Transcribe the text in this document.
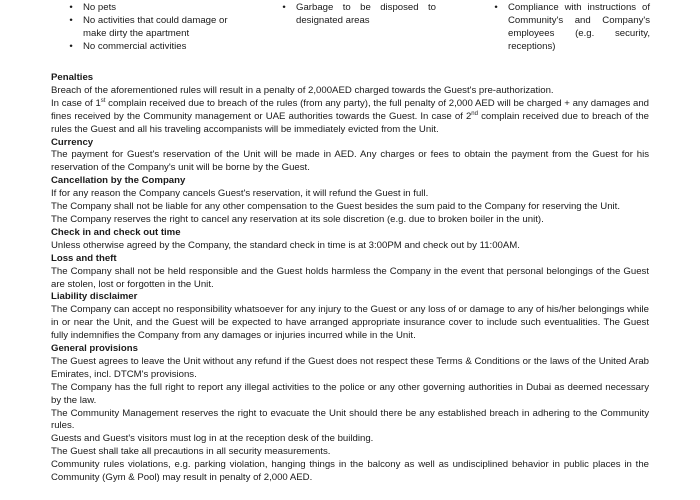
•	No pets
•	No activities that could damage or make dirty the apartment
•	No commercial activities
•	Garbage to be disposed to designated areas
•	Compliance with instructions of Community's and Company's employees (e.g. security, receptions)

Penalties

Breach of the aforementioned rules will result in a penalty of 2,000AED charged towards the Guest's pre-authorization.

In case of 1st complain received due to breach of the rules (from any party), the full penalty of 2,000 AED will be charged + any damages and fines received by the Community management or UAE authorities towards the Guest. In case of 2nd complain received due to breach of the rules the Guest and all his traveling accompanists will be immediately evicted from the Unit.

Currency

The payment for Guest's reservation of the Unit will be made in AED. Any charges or fees to obtain the payment from the Guest for his reservation of the Company's unit will be borne by the Guest.

Cancellation by the Company

If for any reason the Company cancels Guest's reservation, it will refund the Guest in full.

The Company shall not be liable for any other compensation to the Guest besides the sum paid to the Company for reserving the Unit.

The Company reserves the right to cancel any reservation at its sole discretion (e.g. due to broken boiler in the unit).

Check in and check out time

Unless otherwise agreed by the Company, the standard check in time is at 3:00PM and check out by 11:00AM.

Loss and theft

The Company shall not be held responsible and the Guest holds harmless the Company in the event that personal belongings of the Guest are stolen, lost or forgotten in the Unit.

Liability disclaimer

The Company can accept no responsibility whatsoever for any injury to the Guest or any loss of or damage to any of his/her belongings while in or near the Unit, and the Guest will be expected to have arranged appropriate insurance cover to include such eventualities. The Guest fully indemnifies the Company from any damages or injuries incurred while in the Unit.

General provisions

The Guest agrees to leave the Unit without any refund if the Guest does not respect these Terms & Conditions or the laws of the United Arab Emirates, incl. DTCM's provisions.

The Company has the full right to report any illegal activities to the police or any other governing authorities in Dubai as deemed necessary by the law.

The Community Management reserves the right to evacuate the Unit should there be any established breach in adhering to the Community rules.

Guests and Guest's visitors must log in at the reception desk of the building.

The Guest shall take all precautions in all security measurements.

Community rules violations, e.g. parking violation, hanging things in the balcony as well as undisciplined behavior in public places in the Community (Gym & Pool) may result in penalty of 2,000 AED.
